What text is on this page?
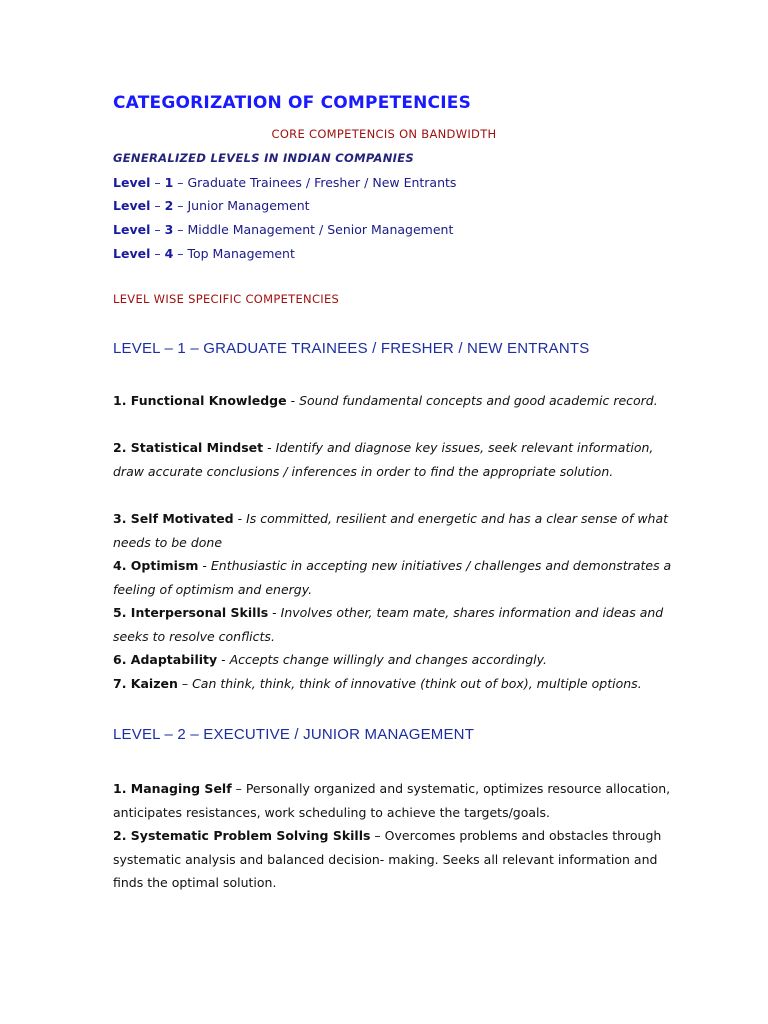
CATEGORIZATION OF COMPETENCIES
CORE COMPETENCIS ON BANDWIDTH
GENERALIZED LEVELS IN INDIAN COMPANIES
Level – 1 – Graduate Trainees / Fresher / New Entrants
Level – 2 – Junior Management
Level – 3 – Middle Management / Senior Management
Level – 4 – Top Management
LEVEL WISE SPECIFIC COMPETENCIES
LEVEL – 1 – GRADUATE TRAINEES / FRESHER / NEW ENTRANTS
1. Functional Knowledge - Sound fundamental concepts and good academic record.
2. Statistical Mindset - Identify and diagnose key issues, seek relevant information, draw accurate conclusions / inferences in order to find the appropriate solution.
3. Self Motivated - Is committed, resilient and energetic and has a clear sense of what needs to be done
4. Optimism - Enthusiastic in accepting new initiatives / challenges and demonstrates a feeling of optimism and energy.
5. Interpersonal Skills - Involves other, team mate, shares information and ideas and seeks to resolve conflicts.
6. Adaptability - Accepts change willingly and changes accordingly.
7. Kaizen – Can think, think, think of innovative (think out of box), multiple options.
LEVEL – 2 – EXECUTIVE / JUNIOR MANAGEMENT
1. Managing Self – Personally organized and systematic, optimizes resource allocation, anticipates resistances, work scheduling to achieve the targets/goals.
2. Systematic Problem Solving Skills – Overcomes problems and obstacles through systematic analysis and balanced decision- making. Seeks all relevant information and finds the optimal solution.
